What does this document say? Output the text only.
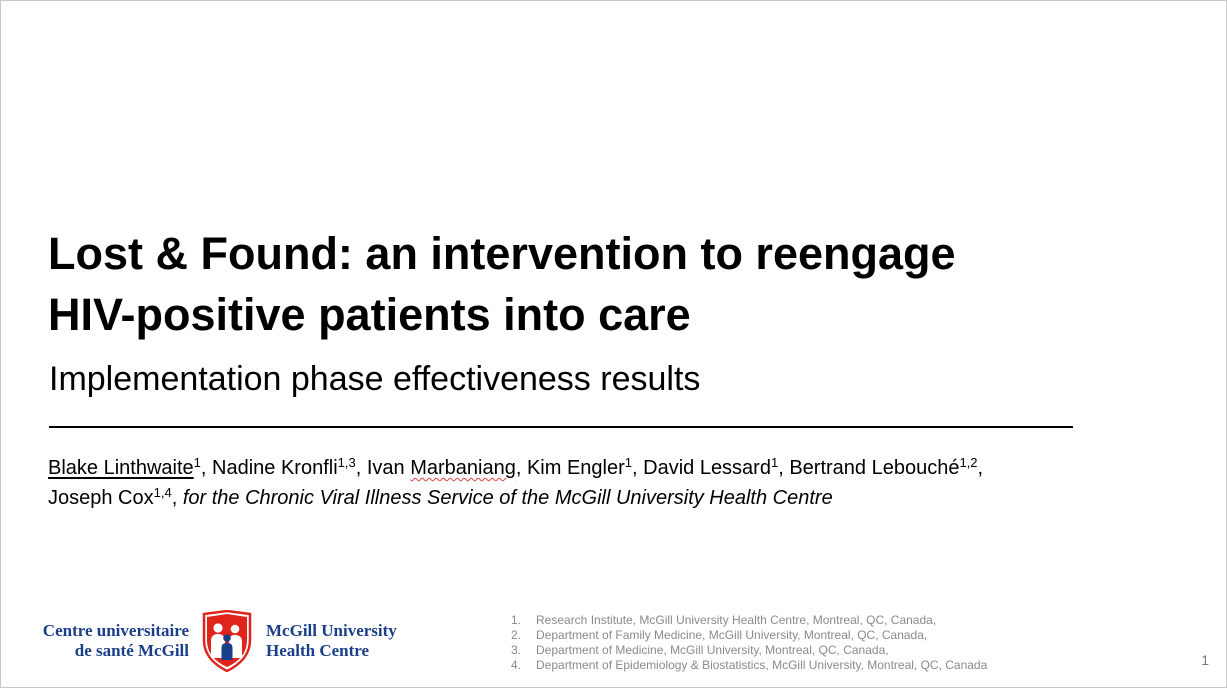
Lost & Found: an intervention to reengage
HIV-positive patients into care
Implementation phase effectiveness results
Blake Linthwaite$^1$, Nadine Kronfli$^{1,3}$, Ivan Marbaniang, Kim Engler$^1$, David Lessard$^1$, Bertrand Lebouché$^{1,2}$,
Joseph Cox$^{1,4}$, for the Chronic Viral Illness Service of the McGill University Health Centre
Centre universitaire
de santé McGill
McGill University
Health Centre
1. Research Institute, McGill University Health Centre, Montreal, QC, Canada,
2. Department of Family Medicine, McGill University, Montreal, QC, Canada,
3. Department of Medicine, McGill University, Montreal, QC, Canada,
4. Department of Epidemiology & Biostatistics, McGill University, Montreal, QC, Canada	1
